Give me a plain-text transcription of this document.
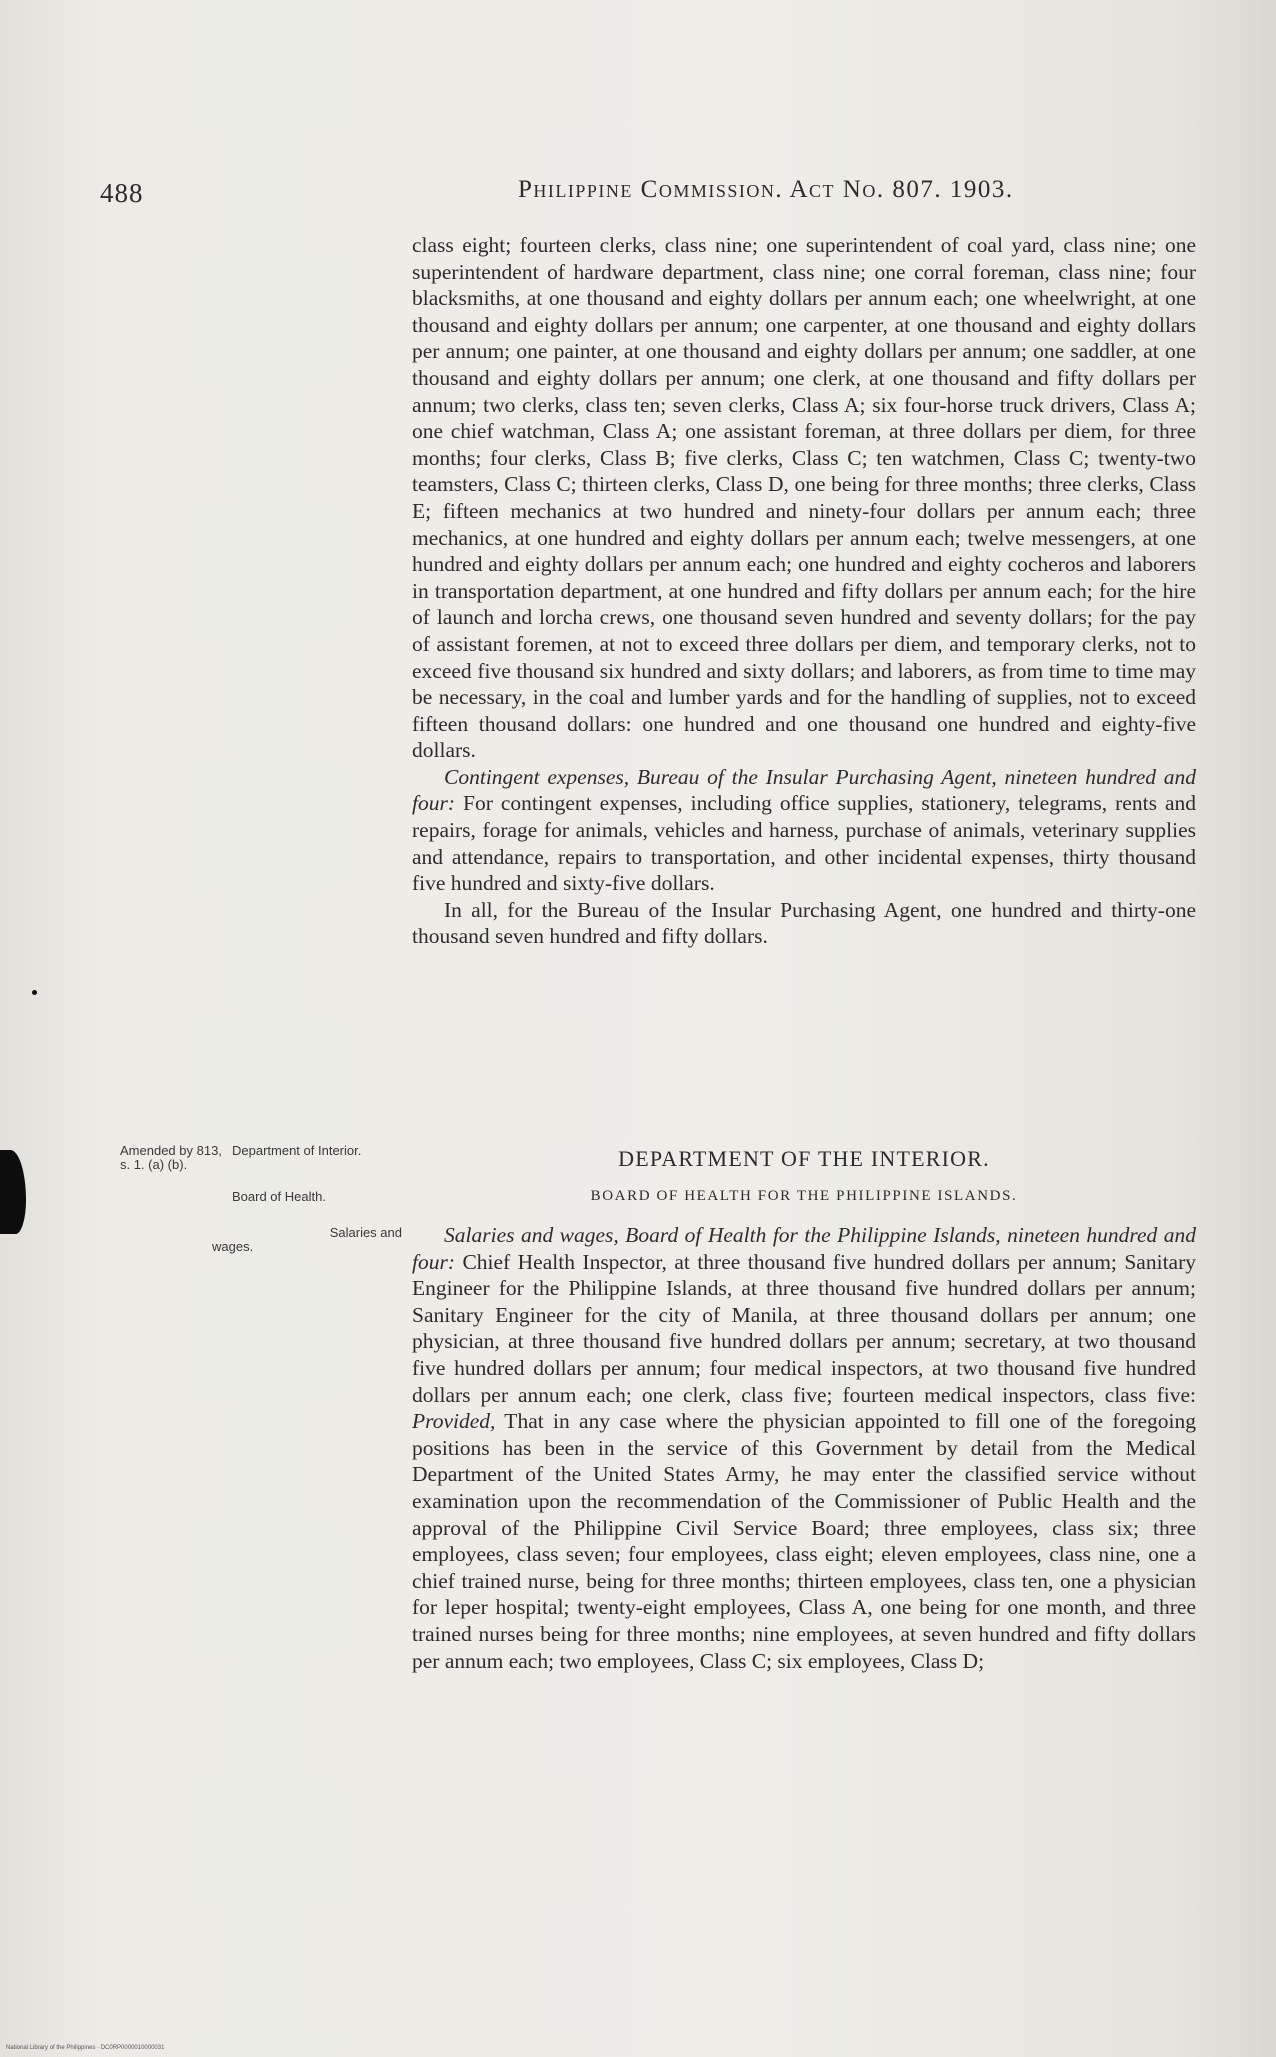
488	Philippine Commission. Act No. 807. 1903.

class eight; fourteen clerks, class nine; one superintendent of coal yard, class nine; one superintendent of hardware department, class nine; one corral foreman, class nine; four blacksmiths, at one thousand and eighty dollars per annum each; one wheelwright, at one thousand and eighty dollars per annum; one carpenter, at one thousand and eighty dollars per annum; one painter, at one thousand and eighty dollars per annum; one saddler, at one thousand and eighty dollars per annum; one clerk, at one thousand and fifty dollars per annum; two clerks, class ten; seven clerks, Class A; six four-horse truck drivers, Class A; one chief watchman, Class A; one assistant foreman, at three dollars per diem, for three months; four clerks, Class B; five clerks, Class C; ten watchmen, Class C; twenty-two teamsters, Class C; thirteen clerks, Class D, one being for three months; three clerks, Class E; fifteen mechanics at two hundred and ninety-four dollars per annum each; three mechanics, at one hundred and eighty dollars per annum each; twelve messengers, at one hundred and eighty dollars per annum each; one hundred and eighty cocheros and laborers in transportation department, at one hundred and fifty dollars per annum each; for the hire of launch and lorcha crews, one thousand seven hundred and seventy dollars; for the pay of assistant foremen, at not to exceed three dollars per diem, and temporary clerks, not to exceed five thousand six hundred and sixty dollars; and laborers, as from time to time may be necessary, in the coal and lumber yards and for the handling of supplies, not to exceed fifteen thousand dollars: one hundred and one thousand one hundred and eighty-five dollars.

Contingent expenses, Bureau of the Insular Purchasing Agent, nineteen hundred and four: For contingent expenses, including office supplies, stationery, telegrams, rents and repairs, forage for animals, vehicles and harness, purchase of animals, veterinary supplies and attendance, repairs to transportation, and other incidental expenses, thirty thousand five hundred and sixty-five dollars.

In all, for the Bureau of the Insular Purchasing Agent, one hundred and thirty-one thousand seven hundred and fifty dollars.

Amended by 813, s. 1. (a) (b).
Department of Interior.
Board of Health.
Salaries and
wages.
DEPARTMENT OF THE INTERIOR.
BOARD OF HEALTH FOR THE PHILIPPINE ISLANDS.

Salaries and wages, Board of Health for the Philippine Islands, nineteen hundred and four: Chief Health Inspector, at three thousand five hundred dollars per annum; Sanitary Engineer for the Philippine Islands, at three thousand five hundred dollars per annum; Sanitary Engineer for the city of Manila, at three thousand dollars per annum; one physician, at three thousand five hundred dollars per annum; secretary, at two thousand five hundred dollars per annum; four medical inspectors, at two thousand five hundred dollars per annum each; one clerk, class five; fourteen medical inspectors, class five: Provided, That in any case where the physician appointed to fill one of the foregoing positions has been in the service of this Government by detail from the Medical Department of the United States Army, he may enter the classified service without examination upon the recommendation of the Commissioner of Public Health and the approval of the Philippine Civil Service Board; three employees, class six; three employees, class seven; four employees, class eight; eleven employees, class nine, one a chief trained nurse, being for three months; thirteen employees, class ten, one a physician for leper hospital; twenty-eight employees, Class A, one being for one month, and three trained nurses being for three months; nine employees, at seven hundred and fifty dollars per annum each; two employees, Class C; six employees, Class D;

National Library of the Philippines · DC0RP0000010000031
